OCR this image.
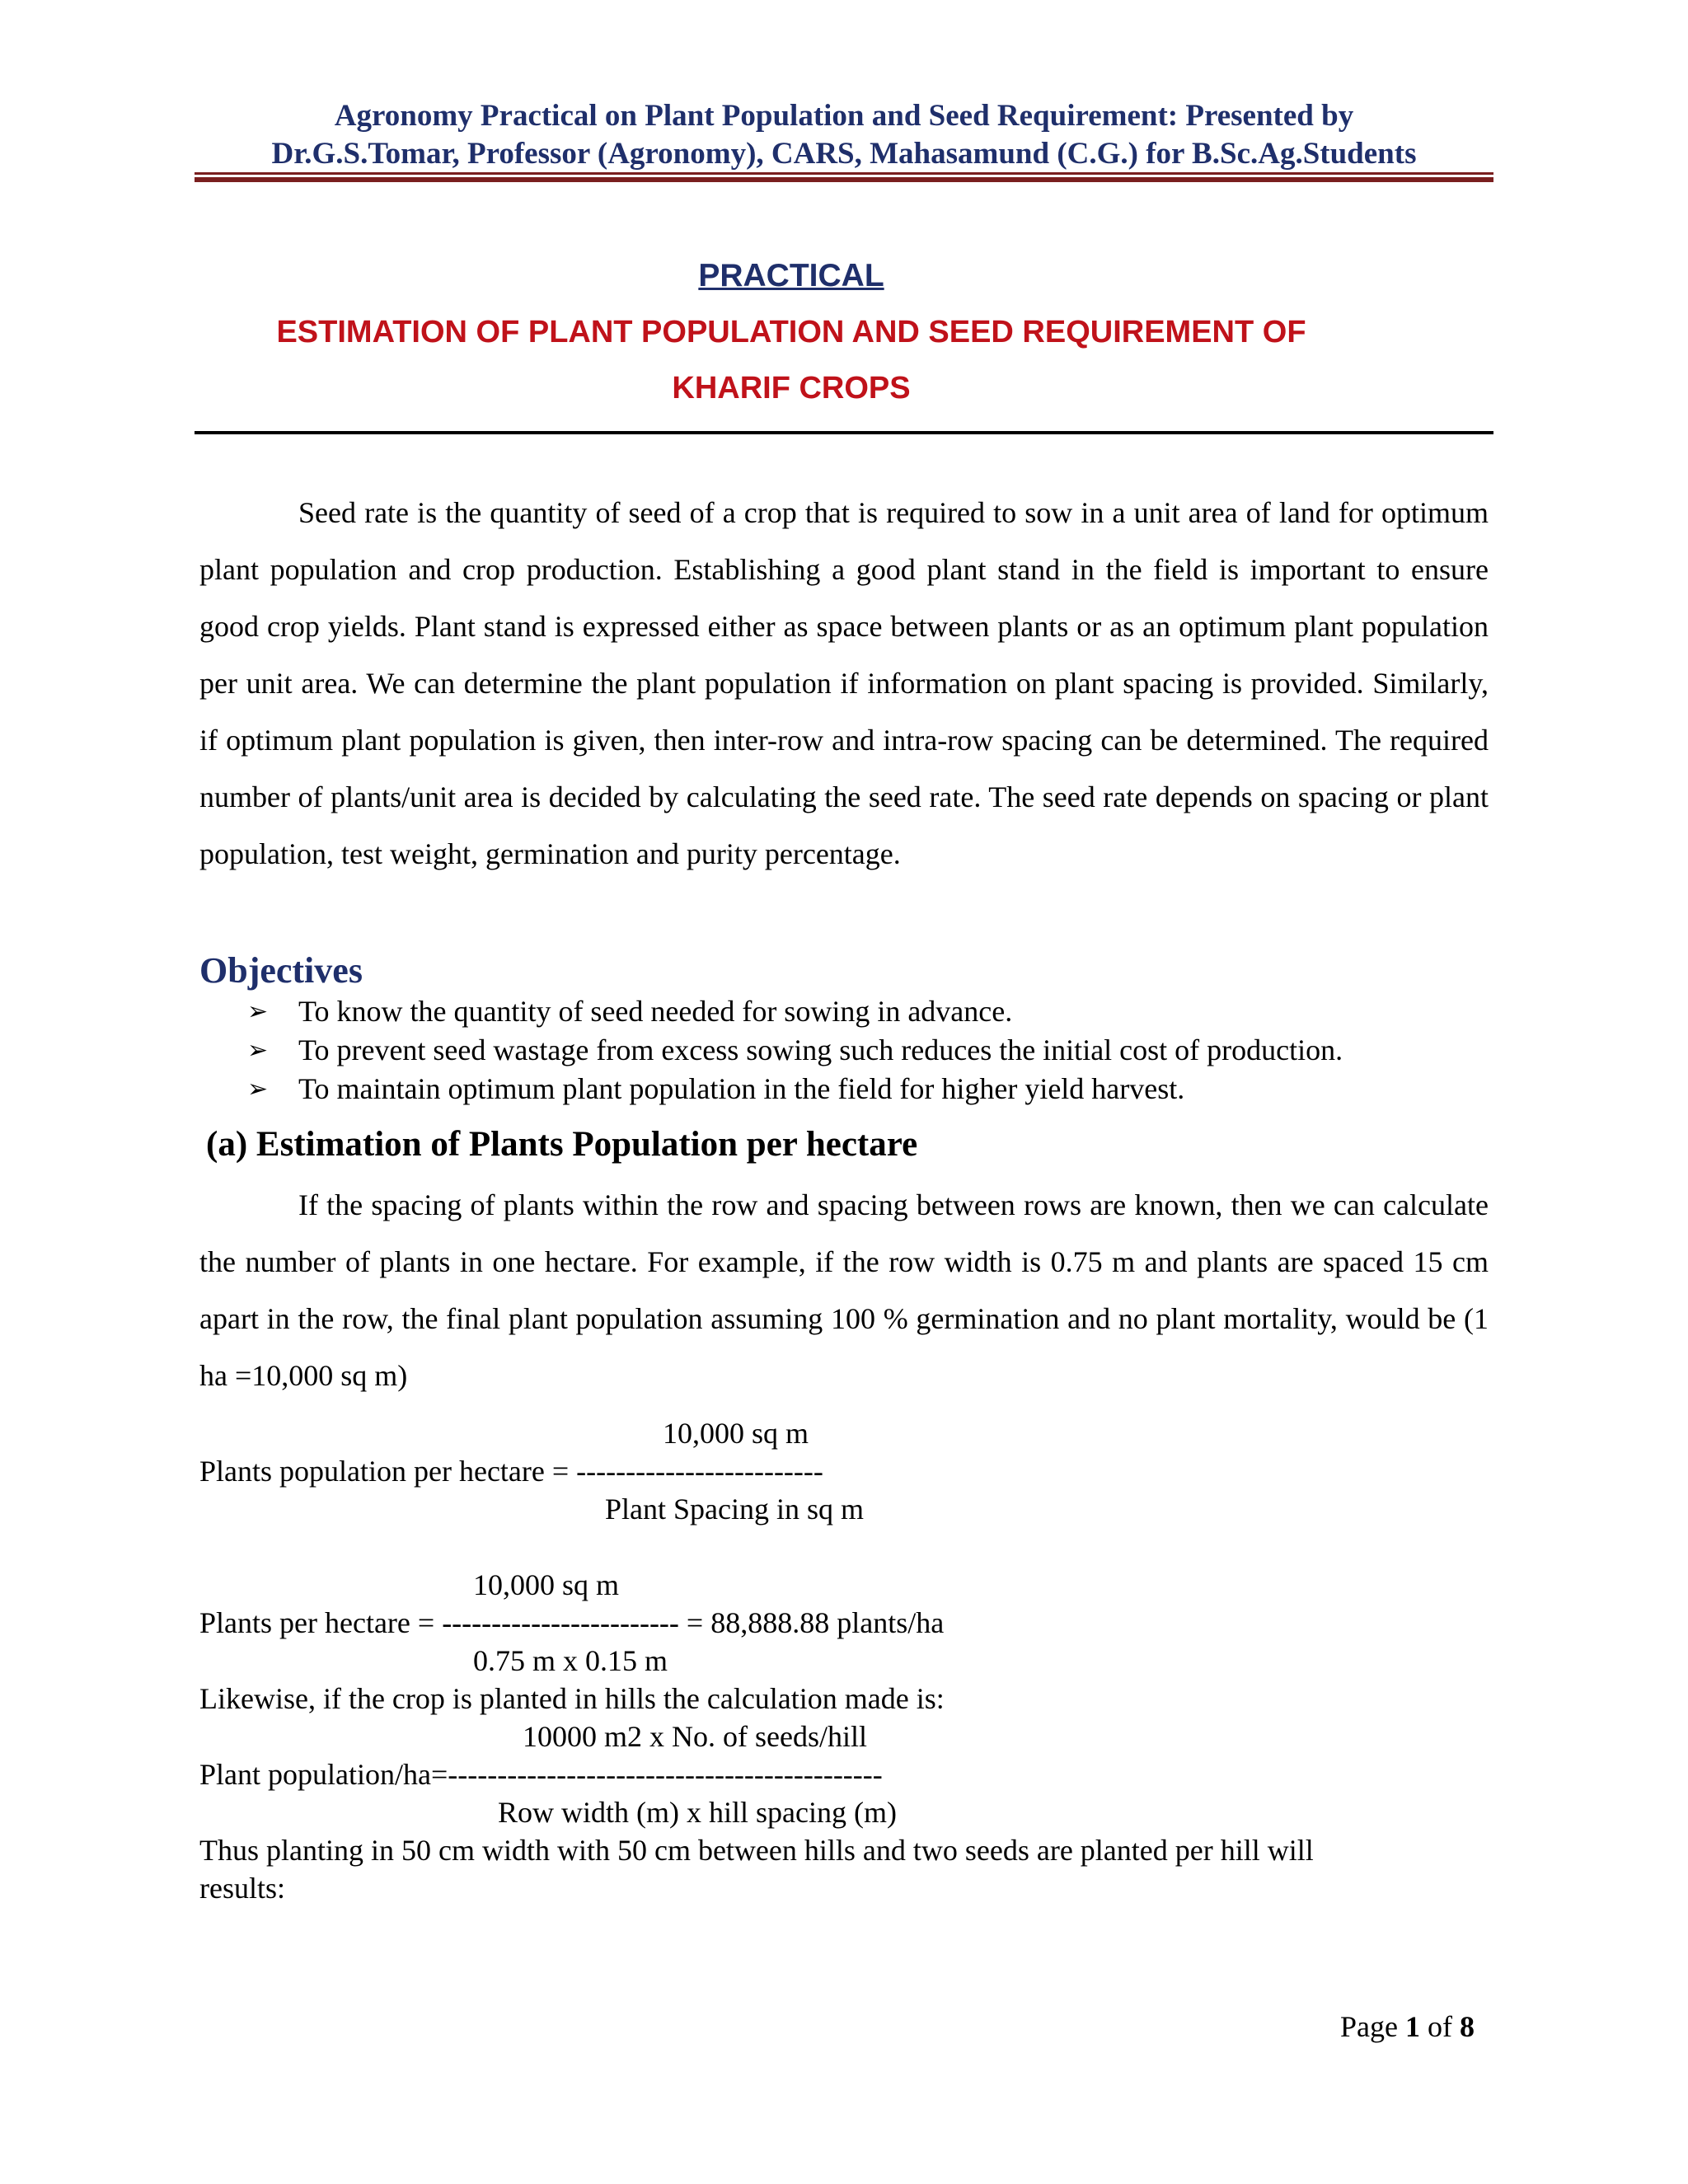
Agronomy Practical on Plant Population and Seed Requirement: Presented by
Dr.G.S.Tomar, Professor (Agronomy), CARS, Mahasamund (C.G.) for B.Sc.Ag.Students
PRACTICAL
ESTIMATION OF PLANT POPULATION AND SEED REQUIREMENT OF
KHARIF CROPS
Seed rate is the quantity of seed of a crop that is required to sow in a unit area of land for optimum plant population and crop production. Establishing a good plant stand in the field is important to ensure good crop yields. Plant stand is expressed either as space between plants or as an optimum plant population per unit area. We can determine the plant population if information on plant spacing is provided. Similarly, if optimum plant population is given, then inter-row and intra-row spacing can be determined. The required number of plants/unit area is decided by calculating the seed rate. The seed rate depends on spacing or plant population, test weight, germination and purity percentage.
Objectives
➢ To know the quantity of seed needed for sowing in advance.
➢ To prevent seed wastage from excess sowing such reduces the initial cost of production.
➢ To maintain optimum plant population in the field for higher yield harvest.
(a) Estimation of Plants Population per hectare
If the spacing of plants within the row and spacing between rows are known, then we can calculate the number of plants in one hectare. For example, if the row width is 0.75 m and plants are spaced 15 cm apart in the row, the final plant population assuming 100 % germination and no plant mortality, would be (1 ha =10,000 sq m)
10,000 sq m
Plants population per hectare = -------------------------
Plant Spacing in sq m
10,000 sq m
Plants per hectare = ------------------------ = 88,888.88 plants/ha
0.75 m x 0.15 m
Likewise, if the crop is planted in hills the calculation made is:
10000 m2 x No. of seeds/hill
Plant population/ha=--------------------------------------------
Row width (m) x hill spacing (m)
Thus planting in 50 cm width with 50 cm between hills and two seeds are planted per hill will
results:
Page 1 of 8
